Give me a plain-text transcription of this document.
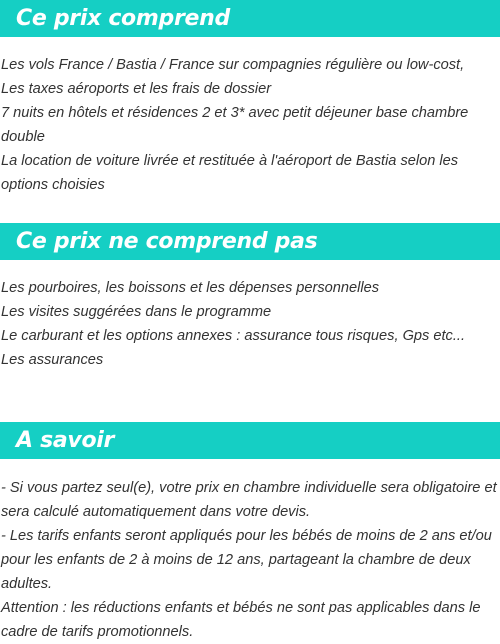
Ce prix comprend

Les vols France / Bastia / France sur compagnies régulière ou low-cost,

Les taxes aéroports et les frais de dossier

7 nuits en hôtels et résidences 2 et 3* avec petit déjeuner base chambre double

La location de voiture livrée et restituée à l'aéroport de Bastia selon les options choisies

Ce prix ne comprend pas

Les pourboires, les boissons et les dépenses personnelles

Les visites suggérées dans le programme

Le carburant et les options annexes : assurance tous risques, Gps etc...

Les assurances

A savoir

- Si vous partez seul(e), votre prix en chambre individuelle sera obligatoire et sera calculé automatiquement dans votre devis.

- Les tarifs enfants seront appliqués pour les bébés de moins de 2 ans et/ou pour les enfants de 2 à moins de 12 ans, partageant la chambre de deux adultes.

Attention : les réductions enfants et bébés ne sont pas applicables dans le cadre de tarifs promotionnels.
